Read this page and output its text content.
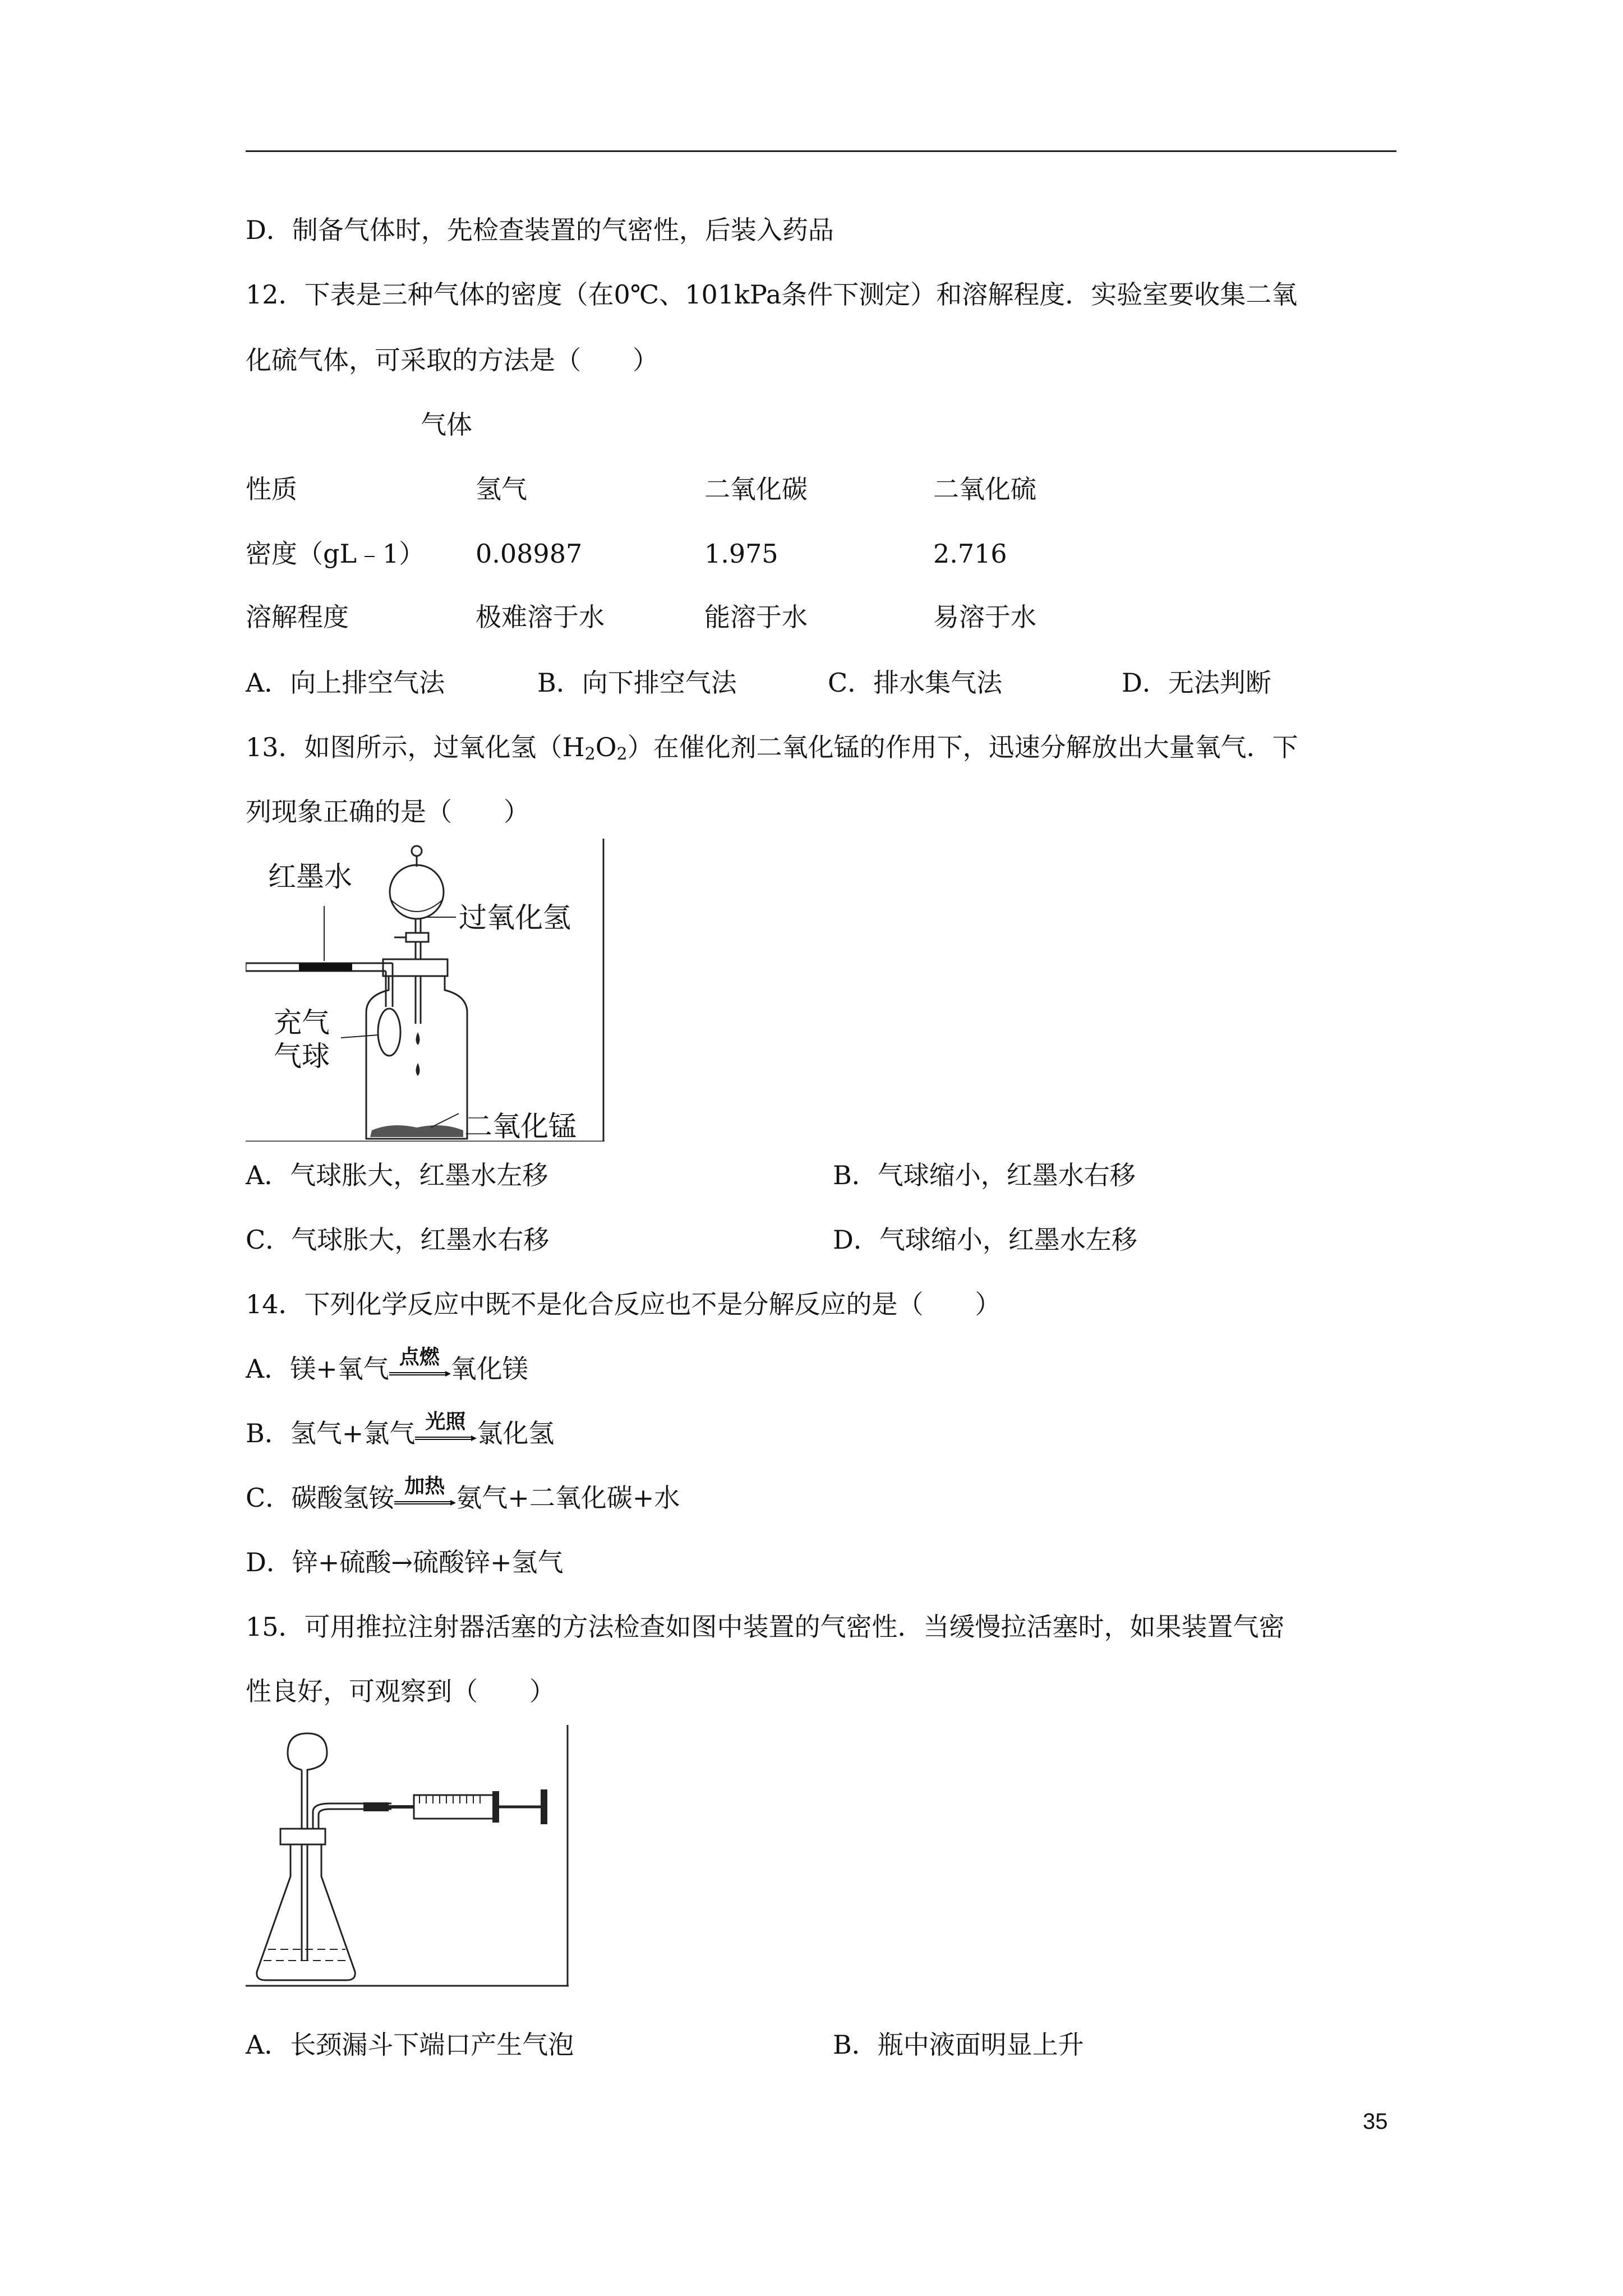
D．制备气体时，先检查装置的气密性，后装入药品
12．下表是三种气体的密度（在0℃、101kPa条件下测定）和溶解程度．实验室要收集二氧
化硫气体，可采取的方法是（　　）
气体
性质	氢气	二氧化碳	二氧化硫
密度（gL﹣1） 0.08987	1.975	2.716
溶解程度	极难溶于水	能溶于水	易溶于水
A．向上排空气法	B．向下排空气法	C．排水集气法	D．无法判断
13．如图所示，过氧化氢（H2O2）在催化剂二氧化锰的作用下，迅速分解放出大量氧气．下
列现象正确的是（　　）
红墨水
过氧化氢
充气
气球
二氧化锰
A．气球胀大，红墨水左移	B．气球缩小，红墨水右移
C．气球胀大，红墨水右移	D．气球缩小，红墨水左移
14．下列化学反应中既不是化合反应也不是分解反应的是（　　）
A．镁+氧气 点燃 氧化镁
B．氢气+氯气 光照 氯化氢
C．碳酸氢铵 加热 氨气+二氧化碳+水
D．锌+硫酸→硫酸锌+氢气
15．可用推拉注射器活塞的方法检查如图中装置的气密性．当缓慢拉活塞时，如果装置气密
性良好，可观察到（　　）
A．长颈漏斗下端口产生气泡	B．瓶中液面明显上升
35
